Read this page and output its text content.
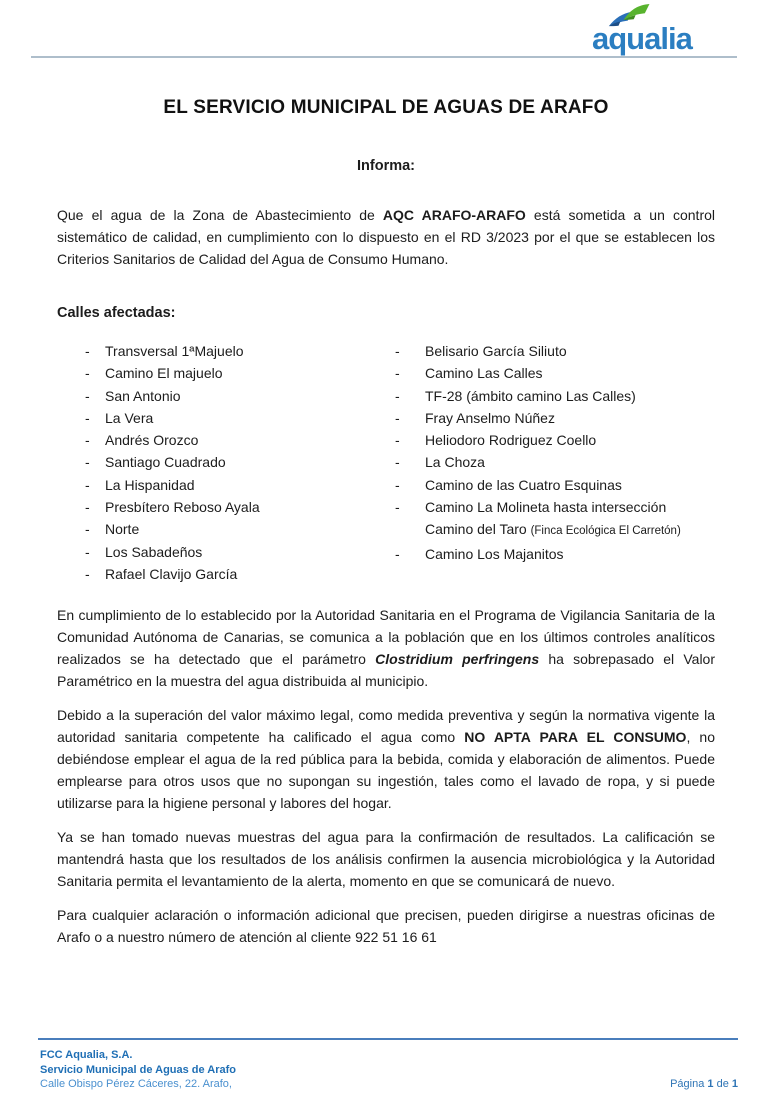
aqualia
EL SERVICIO MUNICIPAL DE AGUAS DE ARAFO

Informa:

Que el agua de la Zona de Abastecimiento de AQC ARAFO-ARAFO está sometida a un control sistemático de calidad, en cumplimiento con lo dispuesto en el RD 3/2023 por el que se establecen los Criterios Sanitarios de Calidad del Agua de Consumo Humano.

Calles afectadas:
- Transversal 1ªMajuelo
- Camino El majuelo
- San Antonio
- La Vera
- Andrés Orozco
- Santiago Cuadrado
- La Hispanidad
- Presbítero Reboso Ayala
- Norte
- Los Sabadeños
- Rafael Clavijo García
- Belisario García Siliuto
- Camino Las Calles
- TF-28 (ámbito camino Las Calles)
- Fray Anselmo Núñez
- Heliodoro Rodriguez Coello
- La Choza
- Camino de las Cuatro Esquinas
- Camino La Molineta hasta intersección
Camino del Taro (Finca Ecológica El Carretón)
- Camino Los Majanitos

En cumplimiento de lo establecido por la Autoridad Sanitaria en el Programa de Vigilancia Sanitaria de la Comunidad Autónoma de Canarias, se comunica a la población que en los últimos controles analíticos realizados se ha detectado que el parámetro Clostridium perfringens ha sobrepasado el Valor Paramétrico en la muestra del agua distribuida al municipio.

Debido a la superación del valor máximo legal, como medida preventiva y según la normativa vigente la autoridad sanitaria competente ha calificado el agua como NO APTA PARA EL CONSUMO, no debiéndose emplear el agua de la red pública para la bebida, comida y elaboración de alimentos. Puede emplearse para otros usos que no supongan su ingestión, tales como el lavado de ropa, y si puede utilizarse para la higiene personal y labores del hogar.

Ya se han tomado nuevas muestras del agua para la confirmación de resultados. La calificación se mantendrá hasta que los resultados de los análisis confirmen la ausencia microbiológica y la Autoridad Sanitaria permita el levantamiento de la alerta, momento en que se comunicará de nuevo.

Para cualquier aclaración o información adicional que precisen, pueden dirigirse a nuestras oficinas de Arafo o a nuestro número de atención al cliente 922 51 16 61

FCC Aqualia, S.A.
Servicio Municipal de Aguas de Arafo
Calle Obispo Pérez Cáceres, 22. Arafo,	Página 1 de 1
